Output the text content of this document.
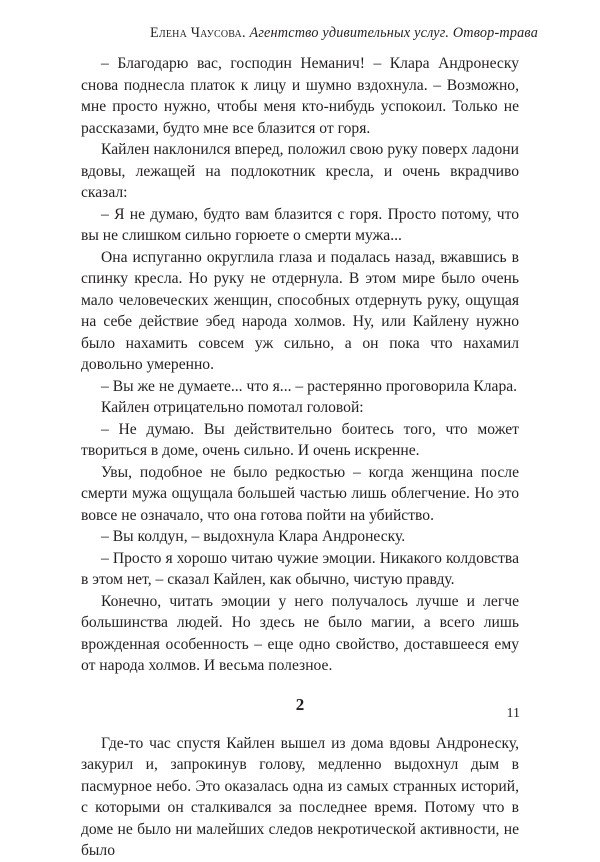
Елена Чаусова. Агентство удивительных услуг. Отвор-трава

– Благодарю вас, господин Неманич! – Клара Андронеску снова поднесла платок к лицу и шумно вздохнула. – Возможно, мне просто нужно, чтобы меня кто-нибудь успокоил. Только не рассказами, будто мне все блазится от горя.

Кайлен наклонился вперед, положил свою руку поверх ладони вдовы, лежащей на подлокотник кресла, и очень вкрадчиво сказал:

– Я не думаю, будто вам блазится с горя. Просто потому, что вы не слишком сильно горюете о смерти мужа...

Она испуганно округлила глаза и подалась назад, вжавшись в спинку кресла. Но руку не отдернула. В этом мире было очень мало человеческих женщин, способных отдернуть руку, ощущая на себе действие эбед народа холмов. Ну, или Кайлену нужно было нахамить совсем уж сильно, а он пока что нахамил довольно умеренно.

– Вы же не думаете... что я... – растерянно проговорила Клара.

Кайлен отрицательно помотал головой:

– Не думаю. Вы действительно боитесь того, что может твориться в доме, очень сильно. И очень искренне.

Увы, подобное не было редкостью – когда женщина после смерти мужа ощущала большей частью лишь облегчение. Но это вовсе не означало, что она готова пойти на убийство.

– Вы колдун, – выдохнула Клара Андронеску.

– Просто я хорошо читаю чужие эмоции. Никакого колдовства в этом нет, – сказал Кайлен, как обычно, чистую правду.

Конечно, читать эмоции у него получалось лучше и легче большинства людей. Но здесь не было магии, а всего лишь врожденная особенность – еще одно свойство, доставшееся ему от народа холмов. И весьма полезное.

2

Где-то час спустя Кайлен вышел из дома вдовы Андронеску, закурил и, запрокинув голову, медленно выдохнул дым в пасмурное небо. Это оказалась одна из самых странных историй, с которыми он сталкивался за последнее время. Потому что в доме не было ни малейших следов некротической активности, не было

11
